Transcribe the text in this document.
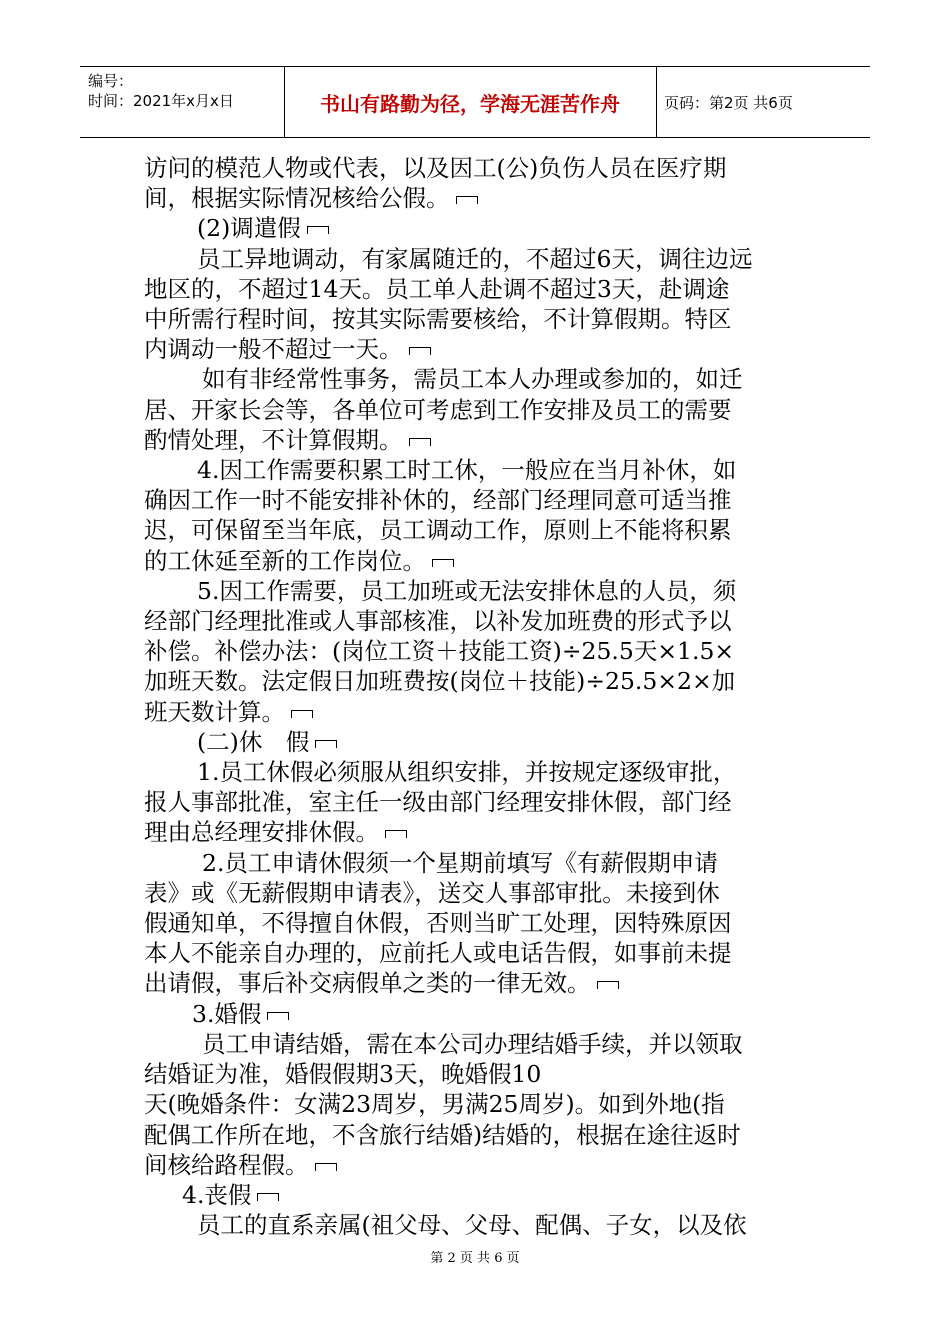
编号：
时间：2021年x月x日	书山有路勤为径，学海无涯苦作舟	页码：第2页 共6页

访问的模范人物或代表，以及因工(公)负伤人员在医疗期

间，根据实际情况核给公假。

(2)调遣假

员工异地调动，有家属随迁的，不超过6天，调往边远

地区的，不超过14天。员工单人赴调不超过3天，赴调途

中所需行程时间，按其实际需要核给，不计算假期。特区

内调动一般不超过一天。

如有非经常性事务，需员工本人办理或参加的，如迁

居、开家长会等，各单位可考虑到工作安排及员工的需要

酌情处理，不计算假期。

4.因工作需要积累工时工休，一般应在当月补休，如

确因工作一时不能安排补休的，经部门经理同意可适当推

迟，可保留至当年底，员工调动工作，原则上不能将积累

的工休延至新的工作岗位。

5.因工作需要，员工加班或无法安排休息的人员，须

经部门经理批准或人事部核准，以补发加班费的形式予以

补偿。补偿办法：(岗位工资＋技能工资)÷25.5天×1.5×

加班天数。法定假日加班费按(岗位＋技能)÷25.5×2×加

班天数计算。

(二)休　假

1.员工休假必须服从组织安排，并按规定逐级审批，

报人事部批准，室主任一级由部门经理安排休假，部门经

理由总经理安排休假。

2.员工申请休假须一个星期前填写《有薪假期申请

表》或《无薪假期申请表》，送交人事部审批。未接到休

假通知单，不得擅自休假，否则当旷工处理，因特殊原因

本人不能亲自办理的，应前托人或电话告假，如事前未提

出请假，事后补交病假单之类的一律无效。

3.婚假

员工申请结婚，需在本公司办理结婚手续，并以领取

结婚证为准，婚假假期3天，晚婚假10

天(晚婚条件：女满23周岁，男满25周岁)。如到外地(指

配偶工作所在地，不含旅行结婚)结婚的，根据在途往返时

间核给路程假。

4.丧假

员工的直系亲属(祖父母、父母、配偶、子女，以及依

第 2 页 共 6 页
